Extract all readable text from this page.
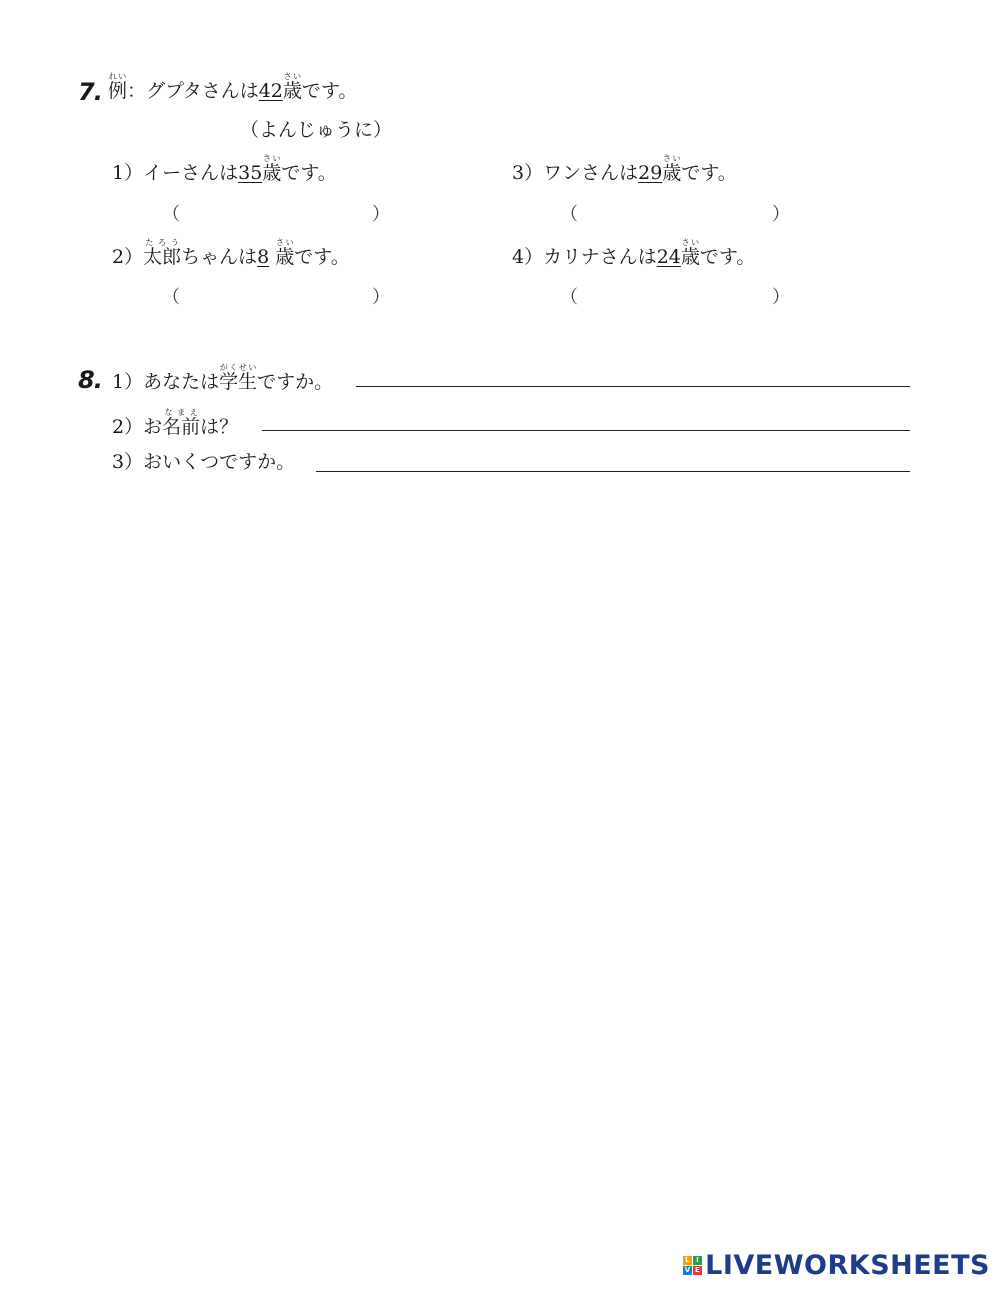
7. 例れい：グプタさんは42歳さいです。
（よんじゅうに）
1）イーさんは35歳さいです。
（	）
2）太郎たろうちゃんは8 歳さいです。
（	）
3）ワンさんは29歳さいです。
（	）
4）カリナさんは24歳さいです。
（	）
8. 1）あなたは学生がくせいですか。
2）お名前なまえは？
3）おいくつですか。
L I
V E LIVEWORKSHEETS
